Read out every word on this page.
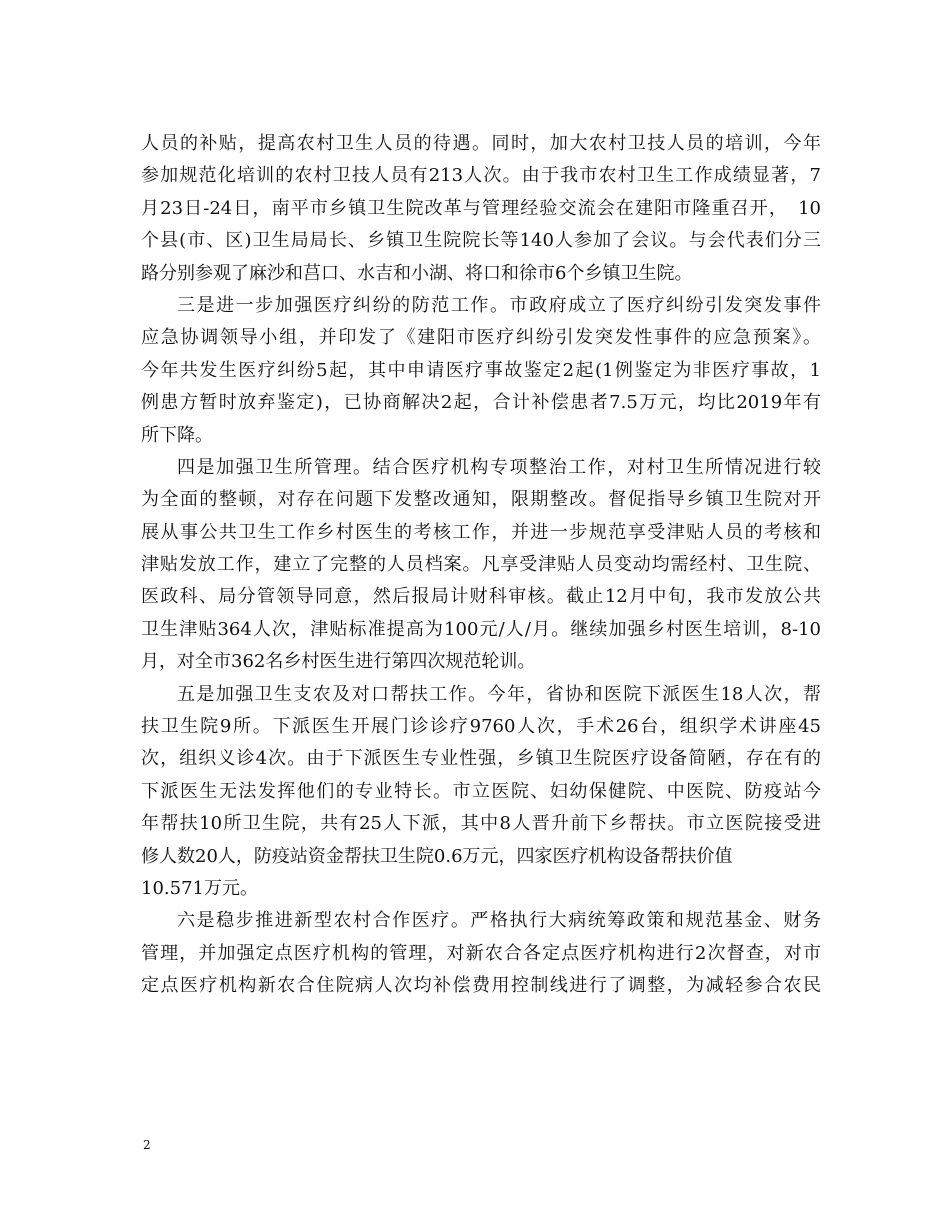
人员的补贴，提高农村卫生人员的待遇。同时，加大农村卫技人员的培训，今年
参加规范化培训的农村卫技人员有213人次。由于我市农村卫生工作成绩显著，7
月23日-24日，南平市乡镇卫生院改革与管理经验交流会在建阳市隆重召开，　10
个县(市、区)卫生局局长、乡镇卫生院院长等140人参加了会议。与会代表们分三
路分别参观了麻沙和莒口、水吉和小湖、将口和徐市6个乡镇卫生院。
三是进一步加强医疗纠纷的防范工作。市政府成立了医疗纠纷引发突发事件
应急协调领导小组，并印发了《建阳市医疗纠纷引发突发性事件的应急预案》。
今年共发生医疗纠纷5起，其中申请医疗事故鉴定2起(1例鉴定为非医疗事故，1
例患方暂时放弃鉴定)，已协商解决2起，合计补偿患者7.5万元，均比2019年有
所下降。
四是加强卫生所管理。结合医疗机构专项整治工作，对村卫生所情况进行较
为全面的整顿，对存在问题下发整改通知，限期整改。督促指导乡镇卫生院对开
展从事公共卫生工作乡村医生的考核工作，并进一步规范享受津贴人员的考核和
津贴发放工作，建立了完整的人员档案。凡享受津贴人员变动均需经村、卫生院、
医政科、局分管领导同意，然后报局计财科审核。截止12月中旬，我市发放公共
卫生津贴364人次，津贴标准提高为100元/人/月。继续加强乡村医生培训，8-10
月，对全市362名乡村医生进行第四次规范轮训。
五是加强卫生支农及对口帮扶工作。今年，省协和医院下派医生18人次，帮
扶卫生院9所。下派医生开展门诊诊疗9760人次，手术26台，组织学术讲座45
次，组织义诊4次。由于下派医生专业性强，乡镇卫生院医疗设备简陋，存在有的
下派医生无法发挥他们的专业特长。市立医院、妇幼保健院、中医院、防疫站今
年帮扶10所卫生院，共有25人下派，其中8人晋升前下乡帮扶。市立医院接受进
修人数20人，防疫站资金帮扶卫生院0.6万元，四家医疗机构设备帮扶价值
10.571万元。
六是稳步推进新型农村合作医疗。严格执行大病统筹政策和规范基金、财务
管理，并加强定点医疗机构的管理，对新农合各定点医疗机构进行2次督查，对市
定点医疗机构新农合住院病人次均补偿费用控制线进行了调整，为减轻参合农民
2
